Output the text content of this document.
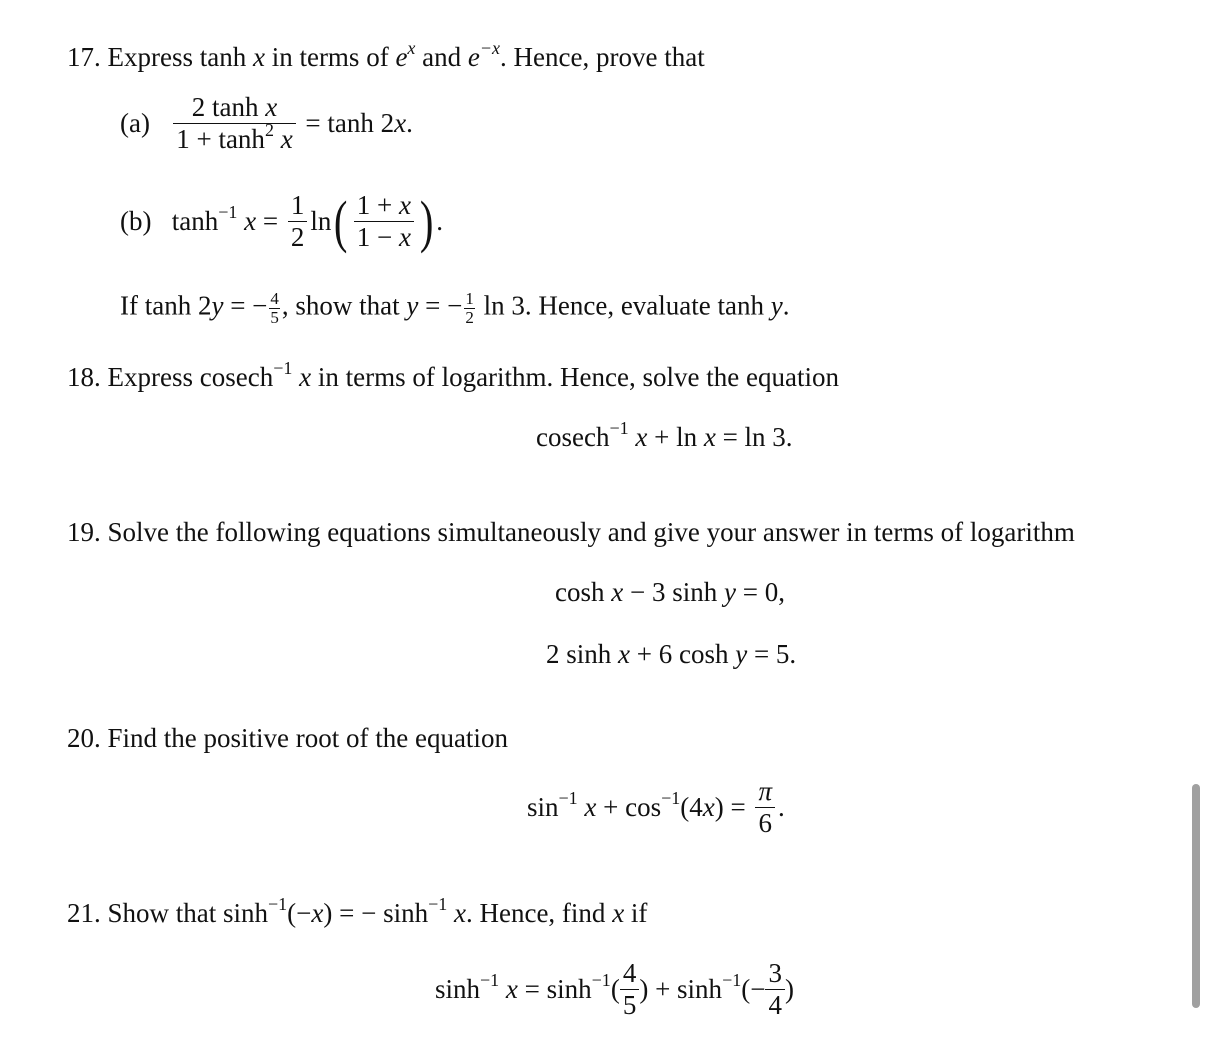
17. Express tanh x in terms of $e^x$ and $e^{-x}$. Hence, prove that
$(a) \frac{\text{2 tanh x}}{1 + \tanh^2 x} = \tanh 2x$.
(b) $\tanh^{-1} x = \frac{1}{2} \ln( \frac{1 + x}{1 - x}$ ) .
If tanh 2y = − $\frac{4}{5}$ , show that y = − $\frac{1}{2}$ ln 3. Hence, evaluate tanh y.
18. Express cosech$^{-1}$ x in terms of logarithm. Hence, solve the equation
cosech$^{-1}$ x + ln x = ln 3.
19. Solve the following equations simultaneously and give your answer in terms of logarithm
cosh x − 3 sinh y = 0,
2 sinh x + 6 cosh y = 5.
20. Find the positive root of the equation
$\sin^{-1} x + \cos^{-1}(4x) = \frac{\pi}{6}$ .
21. Show that $\sinh^{-1}(-x)$ = − $\sinh^{-1} x$. Hence, find x if
$\sinh^{-1} x = \sinh^{-1}( \frac{4}{5}$ ) + $\sinh^{-1}(- \frac{3}{4}$ )
